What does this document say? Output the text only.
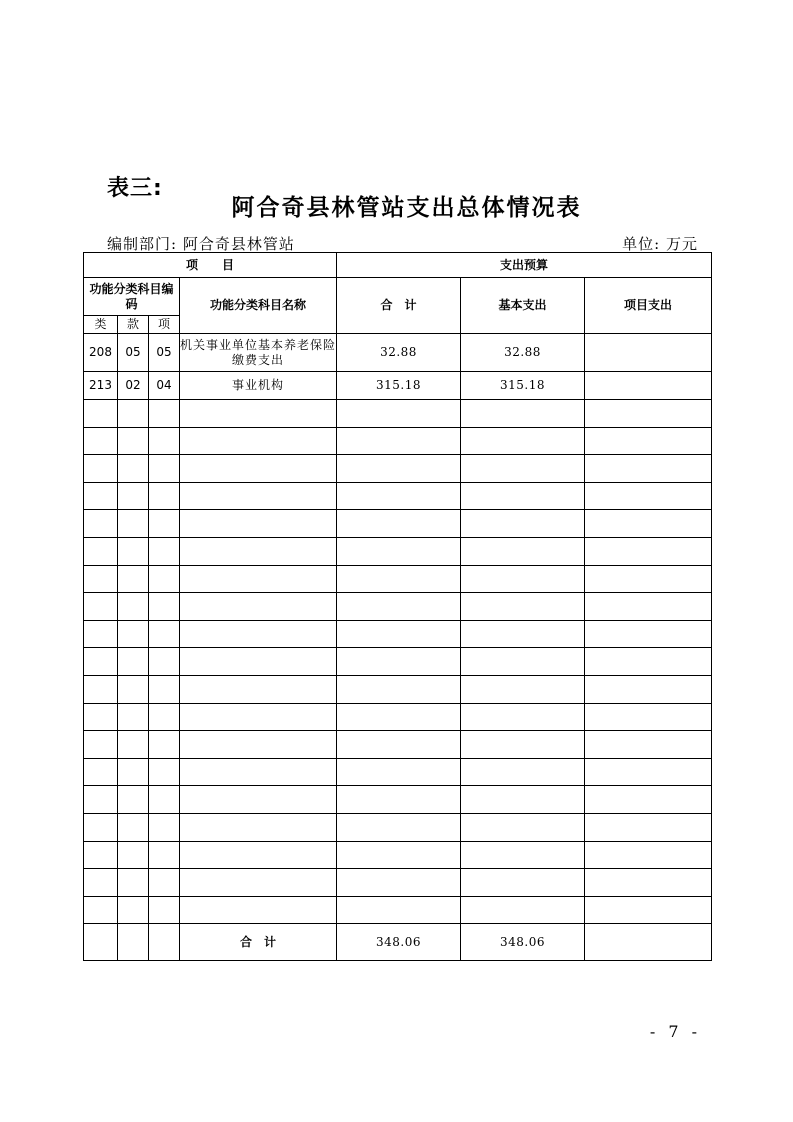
表三:
阿合奇县林管站支出总体情况表
编制部门: 阿合奇县林管站	单位: 万元
项　　目				支出预算		
功能分类科目编码			功能分类科目名称	合　计	基本支出	项目支出
类	款	项				
208	05	05	机关事业单位基本养老保险缴费支出	32.88	32.88	
213	02	04	事业机构	315.18	315.18	

			合　计	348.06	348.06	
- 7 -
